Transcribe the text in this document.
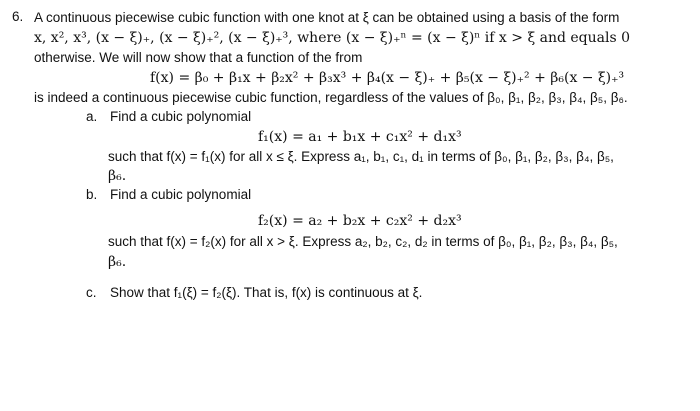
6. A continuous piecewise cubic function with one knot at ξ can be obtained using a basis of the form
x, x², x³, (x − ξ)₊, (x − ξ)₊², (x − ξ)₊³, where (x − ξ)₊ⁿ = (x − ξ)ⁿ if x > ξ and equals 0
otherwise. We will now show that a function of the from
f(x) = β₀ + β₁x + β₂x² + β₃x³ + β₄(x − ξ)₊ + β₅(x − ξ)₊² + β₆(x − ξ)₊³
is indeed a continuous piecewise cubic function, regardless of the values of β₀, β₁, β₂, β₃, β₄, β₅, β₆.
a. Find a cubic polynomial
f₁(x) = a₁ + b₁x + c₁x² + d₁x³
such that f(x) = f₁(x) for all x ≤ ξ. Express a₁, b₁, c₁, d₁ in terms of β₀, β₁, β₂, β₃, β₄, β₅,
β₆.
b. Find a cubic polynomial
f₂(x) = a₂ + b₂x + c₂x² + d₂x³
such that f(x) = f₂(x) for all x > ξ. Express a₂, b₂, c₂, d₂ in terms of β₀, β₁, β₂, β₃, β₄, β₅,
β₆.
c. Show that f₁(ξ) = f₂(ξ). That is, f(x) is continuous at ξ.
